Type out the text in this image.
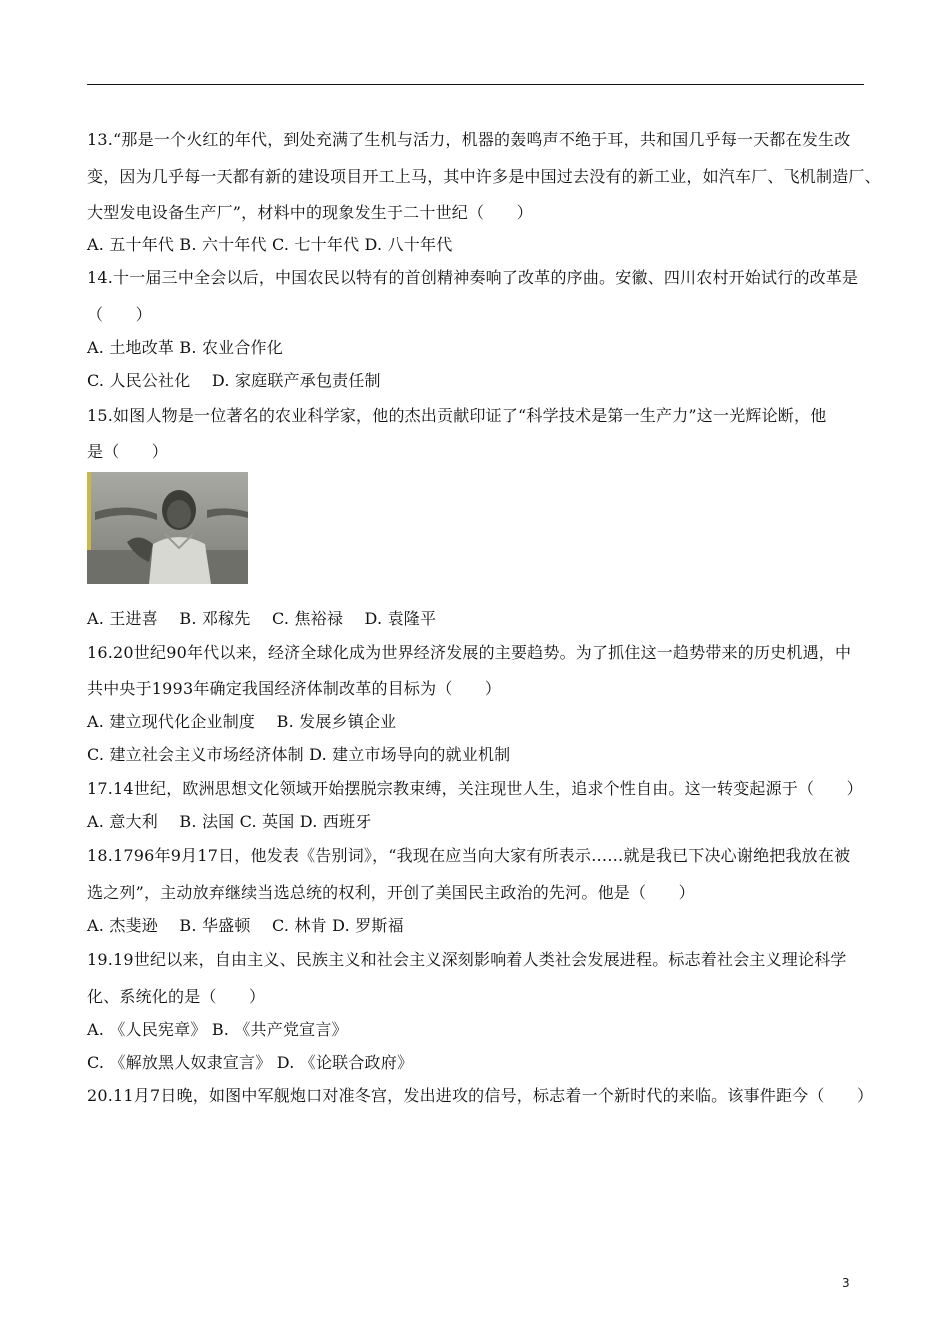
13.“那是一个火红的年代，到处充满了生机与活力，机器的轰鸣声不绝于耳，共和国几乎每一天都在发生改
变，因为几乎每一天都有新的建设项目开工上马，其中许多是中国过去没有的新工业，如汽车厂、飞机制造厂、
大型发电设备生产厂”，材料中的现象发生于二十世纪（　　）
A. 五十年代 B. 六十年代 C. 七十年代 D. 八十年代
14.十一届三中全会以后，中国农民以特有的首创精神奏响了改革的序曲。安徽、四川农村开始试行的改革是
（　　）
A. 土地改革 B. 农业合作化
C. 人民公社化　 D. 家庭联产承包责任制
15.如图人物是一位著名的农业科学家，他的杰出贡献印证了“科学技术是第一生产力”这一光辉论断，他
是（　　）
A. 王进喜　 B. 邓稼先　 C. 焦裕禄　 D. 袁隆平
16.20世纪90年代以来，经济全球化成为世界经济发展的主要趋势。为了抓住这一趋势带来的历史机遇，中
共中央于1993年确定我国经济体制改革的目标为（　　）
A. 建立现代化企业制度　 B. 发展乡镇企业
C. 建立社会主义市场经济体制 D. 建立市场导向的就业机制
17.14世纪，欧洲思想文化领域开始摆脱宗教束缚，关注现世人生，追求个性自由。这一转变起源于（　　）
A. 意大利　 B. 法国 C. 英国 D. 西班牙
18.1796年9月17日，他发表《告别词》，“我现在应当向大家有所表示……就是我已下决心谢绝把我放在被
选之列”，主动放弃继续当选总统的权利，开创了美国民主政治的先河。他是（　　）
A. 杰斐逊　 B. 华盛顿　 C. 林肯 D. 罗斯福
19.19世纪以来，自由主义、民族主义和社会主义深刻影响着人类社会发展进程。标志着社会主义理论科学
化、系统化的是（　　）
A. 《人民宪章》 B. 《共产党宣言》
C. 《解放黑人奴隶宣言》 D. 《论联合政府》
20.11月7日晚，如图中军舰炮口对准冬宫，发出进攻的信号，标志着一个新时代的来临。该事件距今（　　）
3
